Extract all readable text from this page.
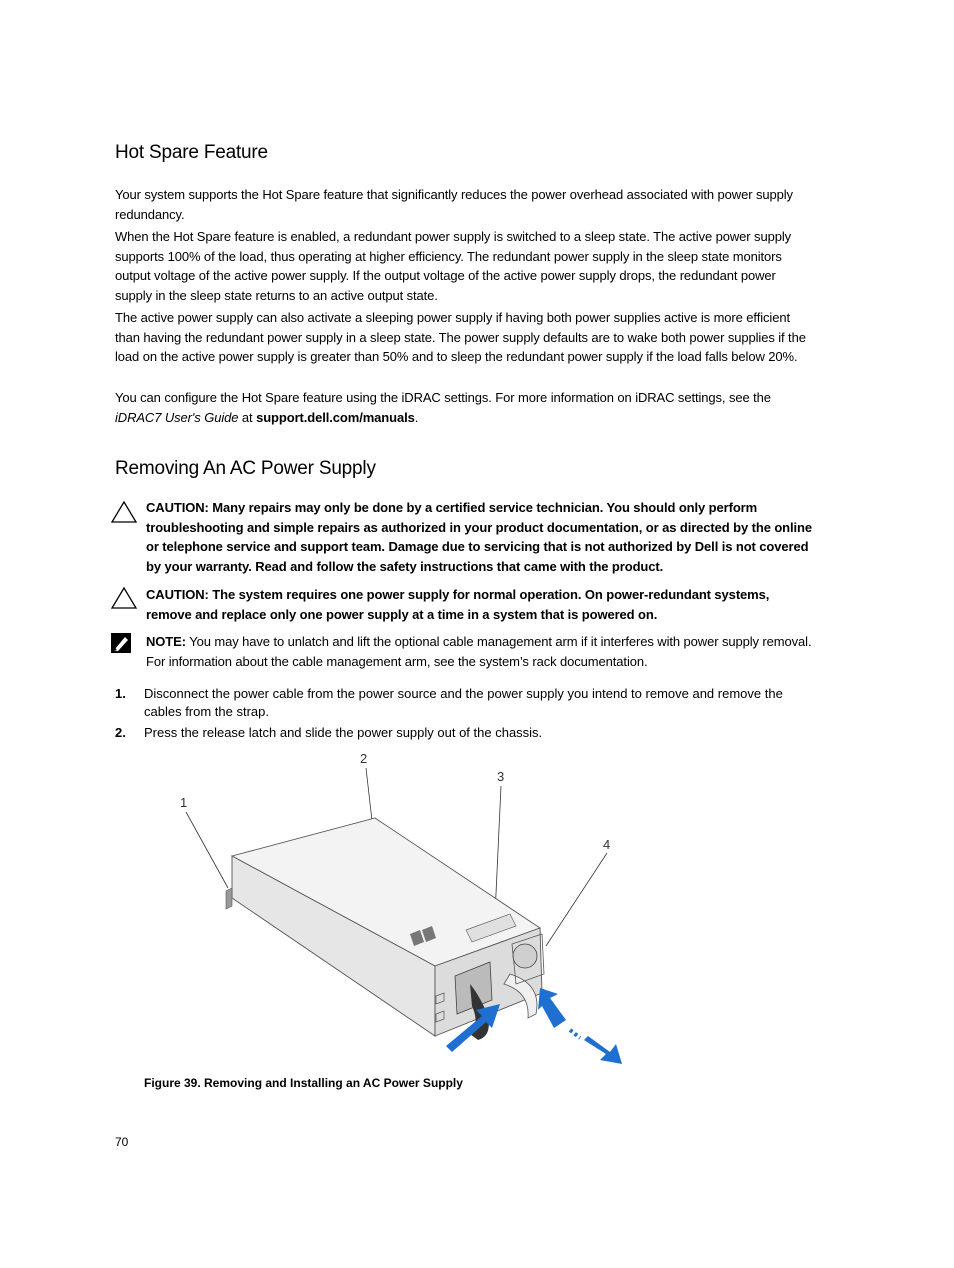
Hot Spare Feature

Your system supports the Hot Spare feature that significantly reduces the power overhead associated with power supply redundancy.

When the Hot Spare feature is enabled, a redundant power supply is switched to a sleep state. The active power supply supports 100% of the load, thus operating at higher efficiency. The redundant power supply in the sleep state monitors output voltage of the active power supply. If the output voltage of the active power supply drops, the redundant power supply in the sleep state returns to an active output state.

The active power supply can also activate a sleeping power supply if having both power supplies active is more efficient than having the redundant power supply in a sleep state. The power supply defaults are to wake both power supplies if the load on the active power supply is greater than 50% and to sleep the redundant power supply if the load falls below 20%.

You can configure the Hot Spare feature using the iDRAC settings. For more information on iDRAC settings, see the
iDRAC7 User's Guide at support.dell.com/manuals.

Removing An AC Power Supply

CAUTION: Many repairs may only be done by a certified service technician. You should only perform troubleshooting and simple repairs as authorized in your product documentation, or as directed by the online or telephone service and support team. Damage due to servicing that is not authorized by Dell is not covered by your warranty. Read and follow the safety instructions that came with the product.

CAUTION: The system requires one power supply for normal operation. On power-redundant systems, remove and replace only one power supply at a time in a system that is powered on.

NOTE: You may have to unlatch and lift the optional cable management arm if it interferes with power supply removal. For information about the cable management arm, see the system’s rack documentation.

1. Disconnect the power cable from the power source and the power supply you intend to remove and remove the cables from the strap.

2. Press the release latch and slide the power supply out of the chassis.

1
2
3
4
Figure 39. Removing and Installing an AC Power Supply
70
